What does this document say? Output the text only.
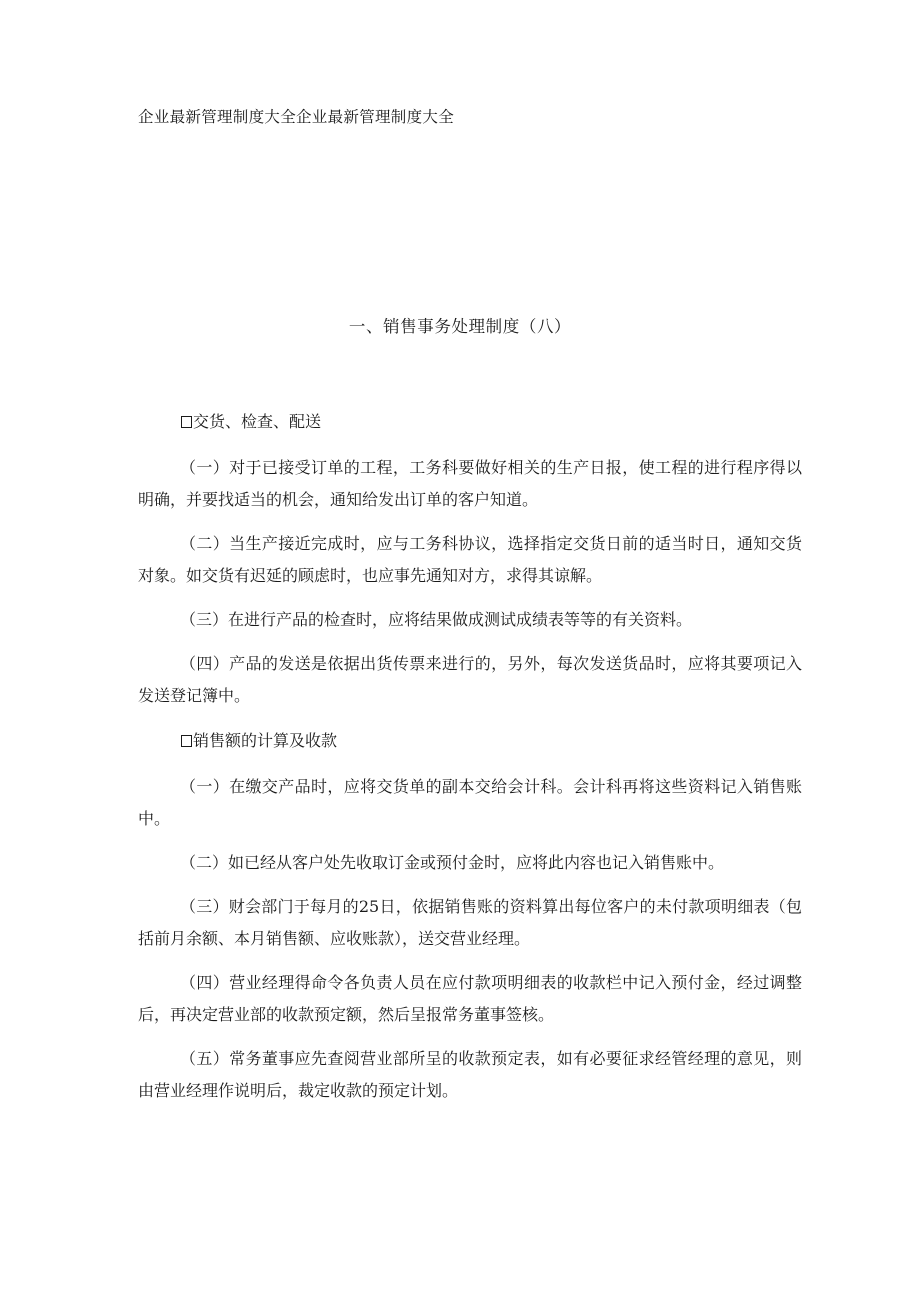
企业最新管理制度大全企业最新管理制度大全
一、销售事务处理制度（八）
交货、检查、配送

（一）对于已接受订单的工程，工务科要做好相关的生产日报，使工程的进行程序得以明确，并要找适当的机会，通知给发出订单的客户知道。

（二）当生产接近完成时，应与工务科协议，选择指定交货日前的适当时日，通知交货对象。如交货有迟延的顾虑时，也应事先通知对方，求得其谅解。

（三）在进行产品的检查时，应将结果做成测试成绩表等等的有关资料。

（四）产品的发送是依据出货传票来进行的，另外，每次发送货品时，应将其要项记入发送登记簿中。

销售额的计算及收款

（一）在缴交产品时，应将交货单的副本交给会计科。会计科再将这些资料记入销售账中。

（二）如已经从客户处先收取订金或预付金时，应将此内容也记入销售账中。

（三）财会部门于每月的25日，依据销售账的资料算出每位客户的未付款项明细表（包括前月余额、本月销售额、应收账款），送交营业经理。

（四）营业经理得命令各负责人员在应付款项明细表的收款栏中记入预付金，经过调整后，再决定营业部的收款预定额，然后呈报常务董事签核。

（五）常务董事应先查阅营业部所呈的收款预定表，如有必要征求经管经理的意见，则由营业经理作说明后，裁定收款的预定计划。
